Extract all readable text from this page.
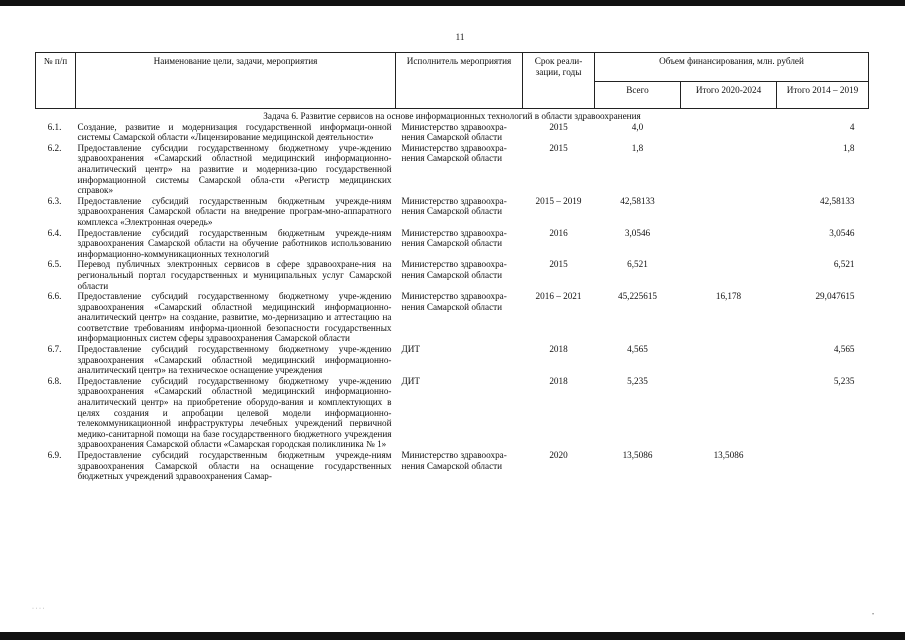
11
№ п/п	Наименование цели, задачи, мероприятия	Исполнитель мероприятия	Срок реали-зации, годы	Объем финансирования, млн. рублей		
				Всего	Итого 2020-2024	Итого 2014 – 2019
Задача 6. Развитие сервисов на основе информационных технологий в области здравоохранения						
6.1.	Создание, развитие и модернизация государственной информаци-онной системы Самарской области «Лицензирование медицинской деятельности»	Министерство здравоохра-нения Самарской области	2015	4,0		4
6.2.	Предоставление субсидии государственному бюджетному учре-ждению здравоохранения «Самарский областной медицинский информационно-аналитический центр» на развитие и модерниза-цию государственной информационной системы Самарской обла-сти «Регистр медицинских справок»	Министерство здравоохра-нения Самарской области	2015	1,8		1,8
6.3.	Предоставление субсидий государственным бюджетным учрежде-ниям здравоохранения Самарской области на внедрение програм-мно-аппаратного комплекса «Электронная очередь»	Министерство здравоохра-нения Самарской области	2015 – 2019	42,58133		42,58133
6.4.	Предоставление субсидий государственным бюджетным учрежде-ниям здравоохранения Самарской области на обучение работников использованию информационно-коммуникационных технологий	Министерство здравоохра-нения Самарской области	2016	3,0546		3,0546
6.5.	Перевод публичных электронных сервисов в сфере здравоохране-ния на региональный портал государственных и муниципальных услуг Самарской области	Министерство здравоохра-нения Самарской области	2015	6,521		6,521
6.6.	Предоставление субсидий государственному бюджетному учре-ждению здравоохранения «Самарский областной медицинский информационно-аналитический центр» на создание, развитие, мо-дернизацию и аттестацию на соответствие требованиям информа-ционной безопасности государственных информационных систем сферы здравоохранения Самарской области	Министерство здравоохра-нения Самарской области	2016 – 2021	45,225615	16,178	29,047615
6.7.	Предоставление субсидий государственному бюджетному учре-ждению здравоохранения «Самарский областной медицинский информационно-аналитический центр» на техническое оснащение учреждения	ДИТ	2018	4,565		4,565
6.8.	Предоставление субсидий государственному бюджетному учре-ждению здравоохранения «Самарский областной медицинский информационно-аналитический центр» на приобретение оборудо-вания и комплектующих в целях создания и апробации целевой модели информационно-телекоммуникационной инфраструктуры лечебных учреждений первичной медико-санитарной помощи на базе государственного бюджетного учреждения здравоохранения Самарской области «Самарская городская поликлиника № 1»	ДИТ	2018	5,235		5,235
6.9.	Предоставление субсидий государственным бюджетным учрежде-ниям здравоохранения Самарской области на оснащение государственных бюджетных учреждений здравоохранения Самар-	Министерство здравоохра-нения Самарской области	2020	13,5086	13,5086	
· · · ·
•
